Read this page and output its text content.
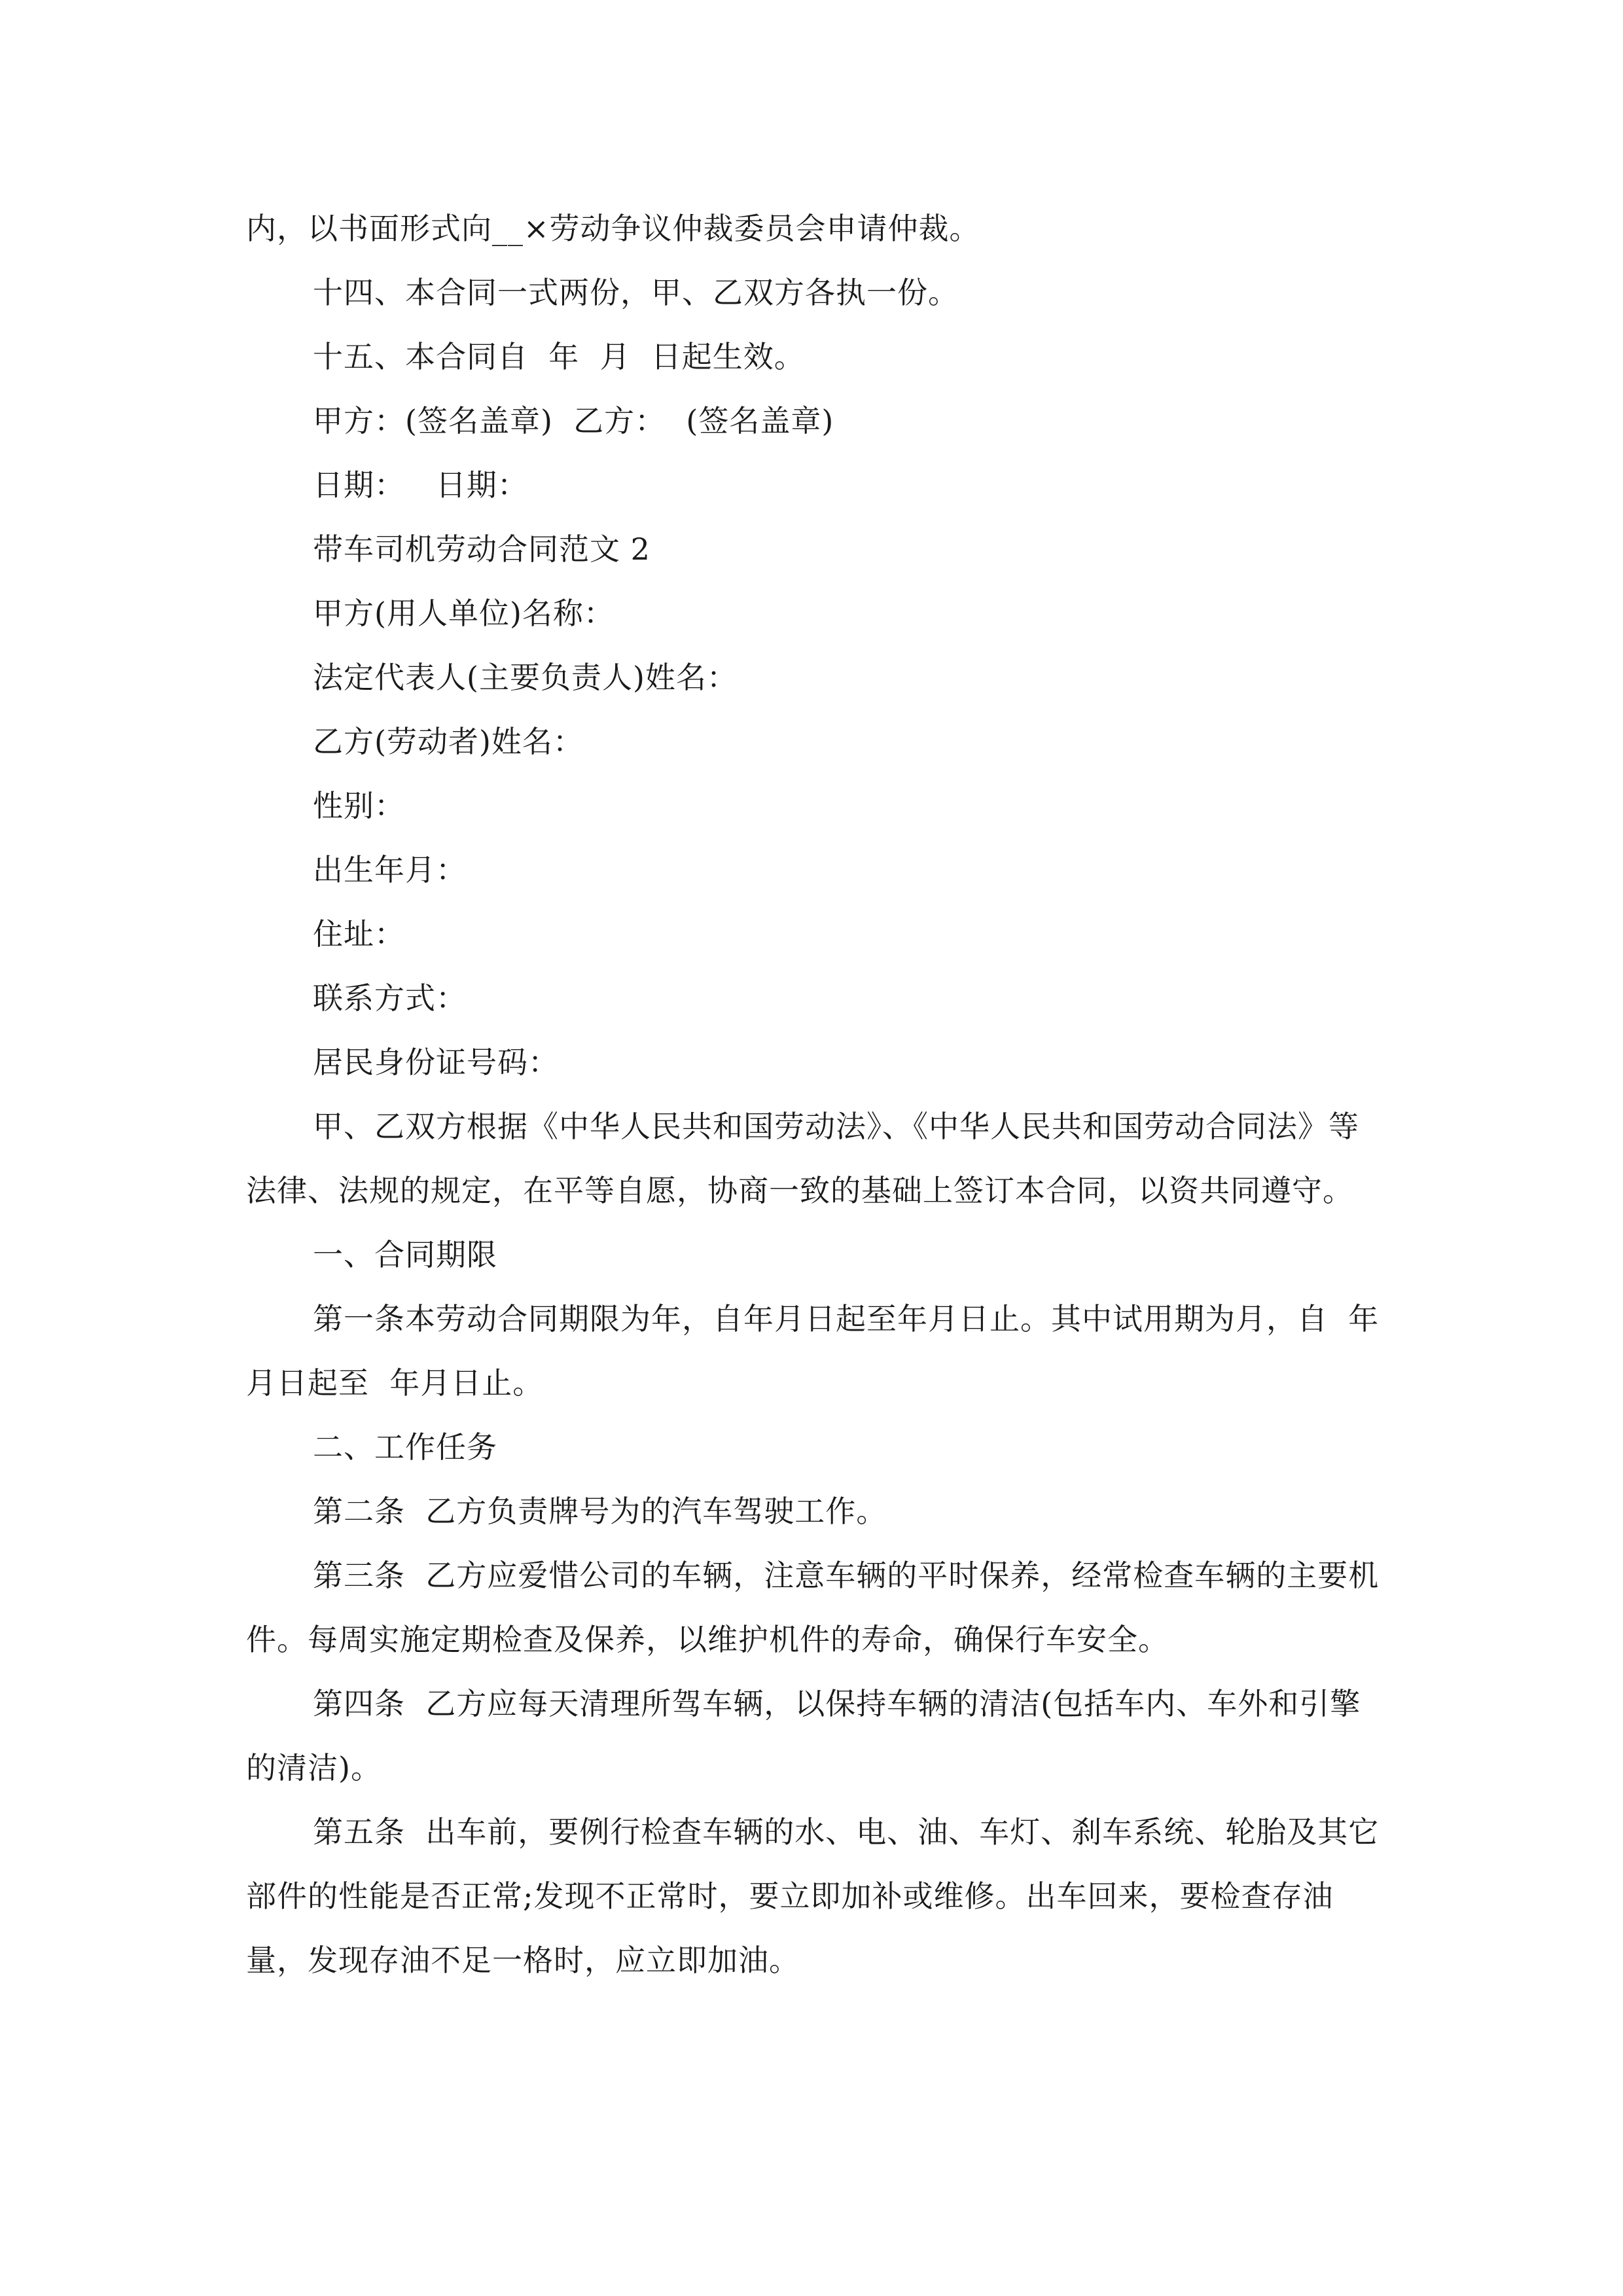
内，以书面形式向__×劳动争议仲裁委员会申请仲裁。

十四、本合同一式两份，甲、乙双方各执一份。

十五、本合同自  年  月  日起生效。

甲方：(签名盖章)  乙方：  (签名盖章)

日期：   日期：

带车司机劳动合同范文 2

甲方(用人单位)名称：

法定代表人(主要负责人)姓名：

乙方(劳动者)姓名：

性别：

出生年月：

住址：

联系方式：

居民身份证号码：

甲、乙双方根据《中华人民共和国劳动法》、《中华人民共和国劳动合同法》等法律、法规的规定，在平等自愿，协商一致的基础上签订本合同，以资共同遵守。

一、合同期限

第一条本劳动合同期限为年，自年月日起至年月日止。其中试用期为月，自  年月日起至  年月日止。

二、工作任务

第二条  乙方负责牌号为的汽车驾驶工作。

第三条  乙方应爱惜公司的车辆，注意车辆的平时保养，经常检查车辆的主要机件。每周实施定期检查及保养，以维护机件的寿命，确保行车安全。

第四条  乙方应每天清理所驾车辆，以保持车辆的清洁(包括车内、车外和引擎的清洁)。

第五条  出车前，要例行检查车辆的水、电、油、车灯、刹车系统、轮胎及其它部件的性能是否正常;发现不正常时，要立即加补或维修。出车回来，要检查存油量，发现存油不足一格时，应立即加油。
